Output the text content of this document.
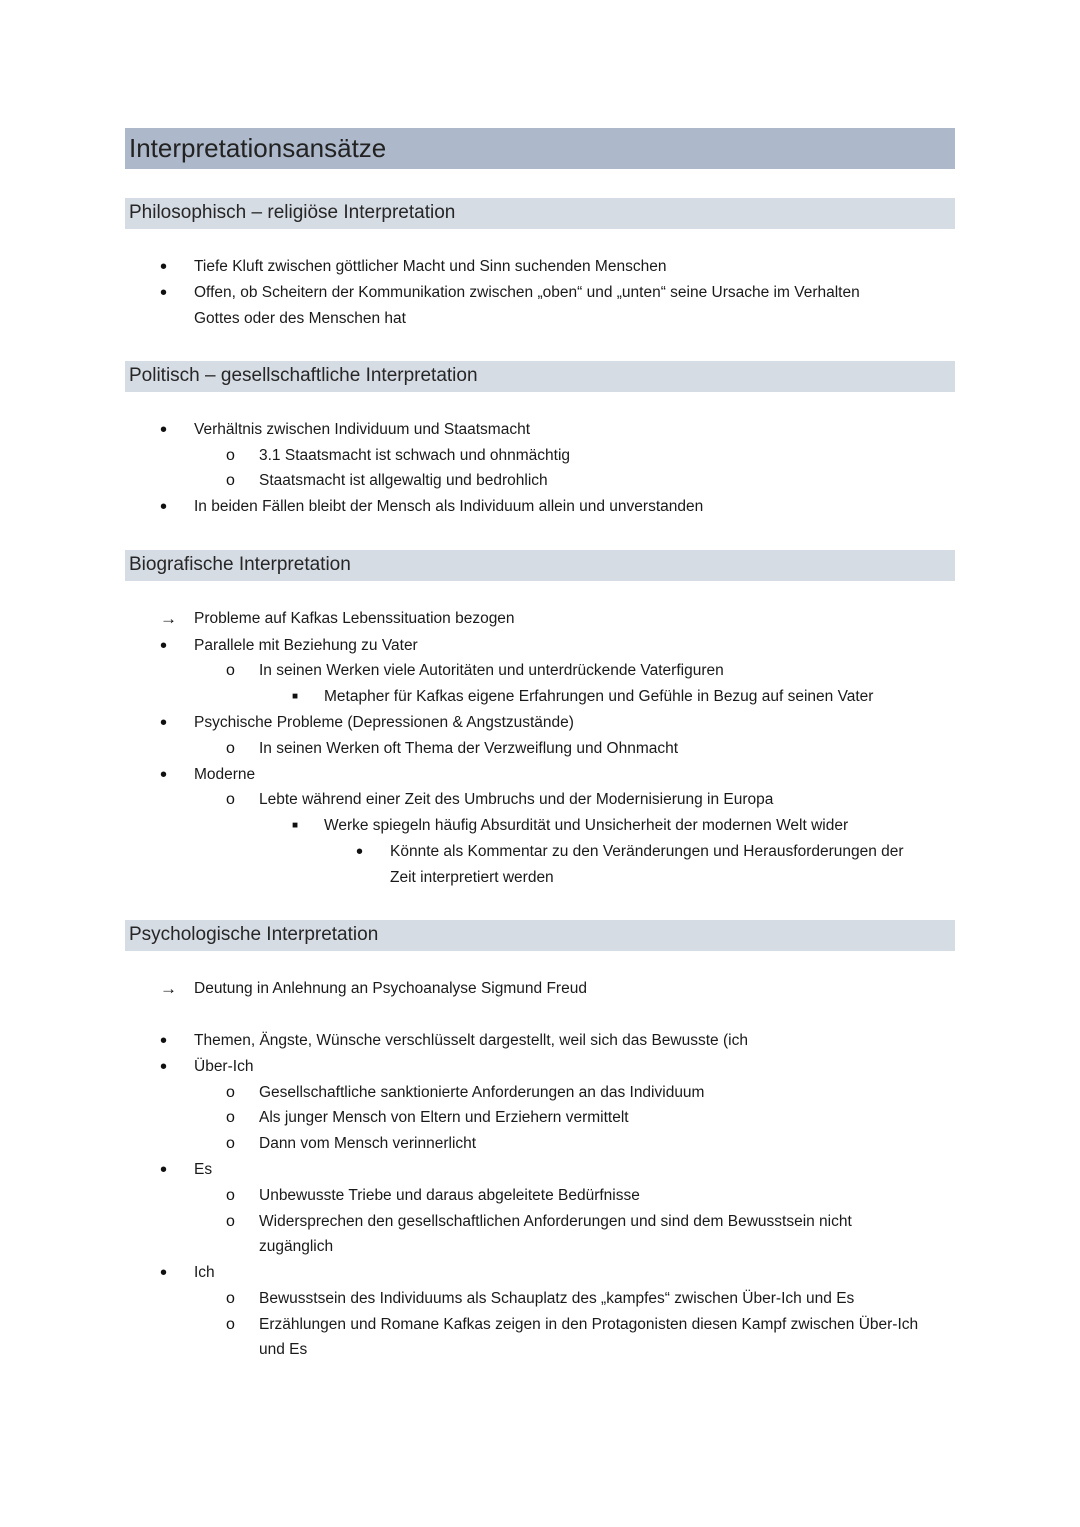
Interpretationsansätze
Philosophisch – religiöse Interpretation
• Tiefe Kluft zwischen göttlicher Macht und Sinn suchenden Menschen
• Offen, ob Scheitern der Kommunikation zwischen „oben“ und „unten“ seine Ursache im Verhalten
Gottes oder des Menschen hat
Politisch – gesellschaftliche Interpretation
• Verhältnis zwischen Individuum und Staatsmacht
o 3.1 Staatsmacht ist schwach und ohnmächtig
o Staatsmacht ist allgewaltig und bedrohlich
• In beiden Fällen bleibt der Mensch als Individuum allein und unverstanden
Biografische Interpretation
→ Probleme auf Kafkas Lebenssituation bezogen
• Parallele mit Beziehung zu Vater
o In seinen Werken viele Autoritäten und unterdrückende Vaterfiguren
■ Metapher für Kafkas eigene Erfahrungen und Gefühle in Bezug auf seinen Vater
• Psychische Probleme (Depressionen & Angstzustände)
o In seinen Werken oft Thema der Verzweiflung und Ohnmacht
• Moderne
o Lebte während einer Zeit des Umbruchs und der Modernisierung in Europa
■ Werke spiegeln häufig Absurdität und Unsicherheit der modernen Welt wider
• Könnte als Kommentar zu den Veränderungen und Herausforderungen der
Zeit interpretiert werden
Psychologische Interpretation
→ Deutung in Anlehnung an Psychoanalyse Sigmund Freud
• Themen, Ängste, Wünsche verschlüsselt dargestellt, weil sich das Bewusste (ich
• Über-Ich
o Gesellschaftliche sanktionierte Anforderungen an das Individuum
o Als junger Mensch von Eltern und Erziehern vermittelt
o Dann vom Mensch verinnerlicht
• Es
o Unbewusste Triebe und daraus abgeleitete Bedürfnisse
o Widersprechen den gesellschaftlichen Anforderungen und sind dem Bewusstsein nicht
zugänglich
• Ich
o Bewusstsein des Individuums als Schauplatz des „kampfes“ zwischen Über-Ich und Es
o Erzählungen und Romane Kafkas zeigen in den Protagonisten diesen Kampf zwischen Über-Ich
und Es
